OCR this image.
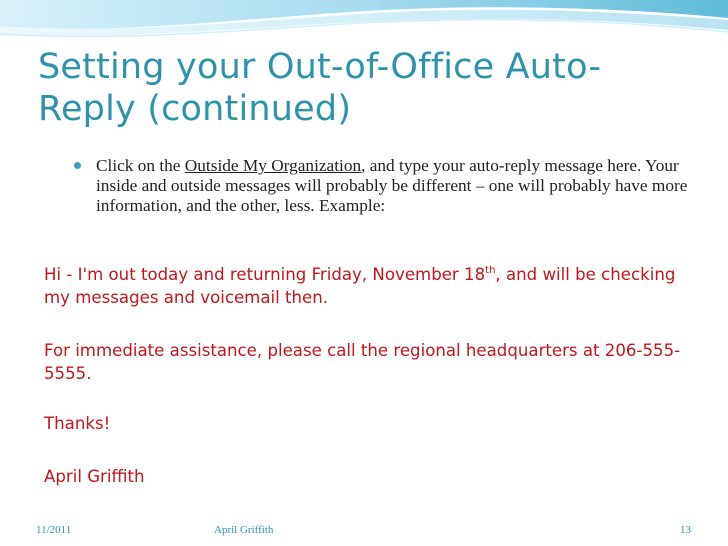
Setting your Out-of-Office Auto-
Reply (continued)
Click on the Outside My Organization, and type your auto-reply message here. Your inside and outside messages will probably be different – one will probably have more information, and the other, less. Example:
Hi - I'm out today and returning Friday, November 18th, and will be checking my messages and voicemail then.
For immediate assistance, please call the regional headquarters at 206-555-5555.
Thanks!
April Griffith
11/2011	April Griffith	13
